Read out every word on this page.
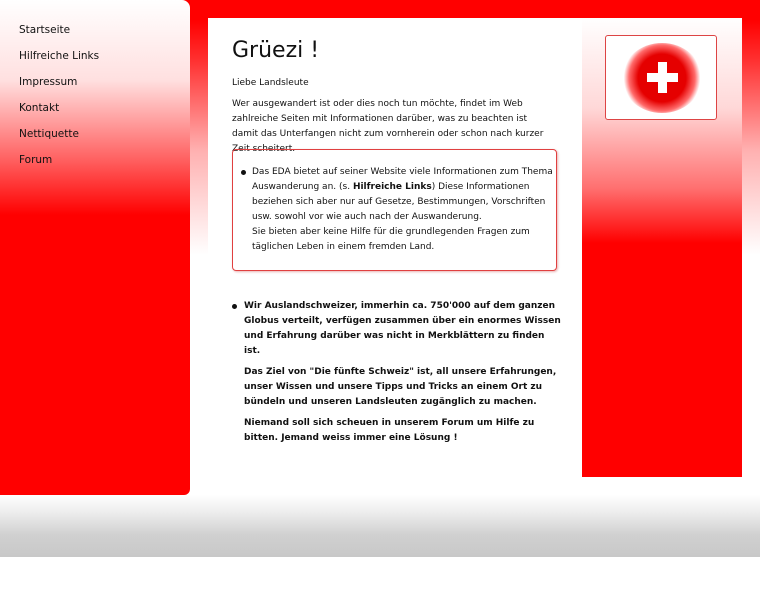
Startseite
Hilfreiche Links
Impressum
Kontakt
Nettiquette
Forum
Grüezi !

Liebe Landsleute

Wer ausgewandert ist oder dies noch tun möchte, findet im Web zahlreiche Seiten mit Informationen darüber, was zu beachten ist damit das Unterfangen nicht zum vornherein oder schon nach kurzer Zeit scheitert.

Das EDA bietet auf seiner Website viele Informationen zum Thema Auswanderung an. (s. Hilfreiche Links) Diese Informationen beziehen sich aber nur auf Gesetze, Bestimmungen, Vorschriften usw. sowohl vor wie auch nach der Auswanderung.
Sie bieten aber keine Hilfe für die grundlegenden Fragen zum täglichen Leben in einem fremden Land.

Wir Auslandschweizer, immerhin ca. 750'000 auf dem ganzen Globus verteilt, verfügen zusammen über ein enormes Wissen und Erfahrung darüber was nicht in Merkblättern zu finden ist.

Das Ziel von "Die fünfte Schweiz" ist, all unsere Erfahrungen, unser Wissen und unsere Tipps und Tricks an einem Ort zu bündeln und unseren Landsleuten zugänglich zu machen.

Niemand soll sich scheuen in unserem Forum um Hilfe zu bitten. Jemand weiss immer eine Lösung !
